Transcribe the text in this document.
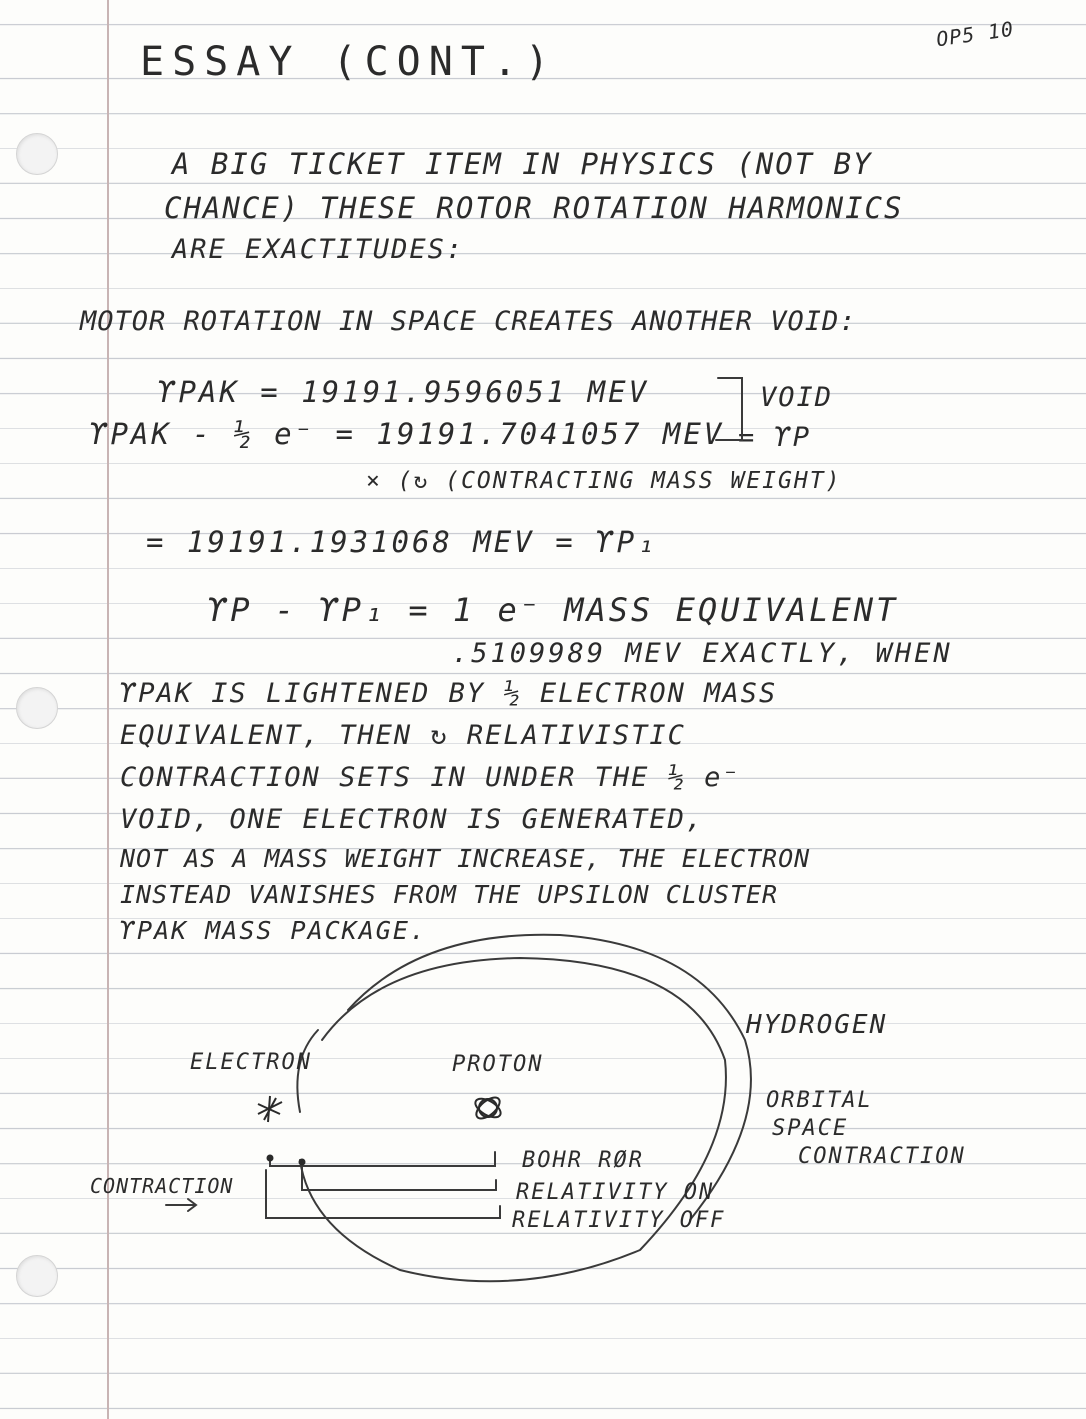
ESSAY (CONT.)
OP5 10
A BIG TICKET ITEM IN PHYSICS (NOT BY
CHANCE) THESE ROTOR ROTATION HARMONICS
ARE EXACTITUDES:
MOTOR ROTATION IN SPACE CREATES ANOTHER VOID:
ϒPAK = 19191.9596051 MEV
ϒPAK - ½ e⁻ = 19191.7041057 MEV
VOID
= ϒP
× (↻ (CONTRACTING MASS WEIGHT)
= 19191.1931068 MEV = ϒP₁
ϒP - ϒP₁ = 1 e⁻ MASS EQUIVALENT
.5109989 MEV EXACTLY, WHEN
ϒPAK IS LIGHTENED BY ½ ELECTRON MASS
EQUIVALENT, THEN ↻ RELATIVISTIC
CONTRACTION SETS IN UNDER THE ½ e⁻
VOID, ONE ELECTRON IS GENERATED,
NOT AS A MASS WEIGHT INCREASE, THE ELECTRON
INSTEAD VANISHES FROM THE UPSILON CLUSTER
ϒPAK MASS PACKAGE.
HYDROGEN
ELECTRON	PROTON
ORBITAL
SPACE
CONTRACTION
CONTRACTION
BOHR RØR
RELATIVITY ON
RELATIVITY OFF
